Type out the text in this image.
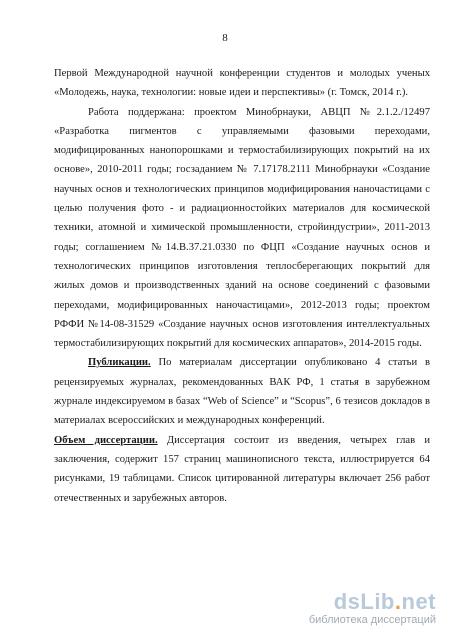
8

Первой Международной научной конференции студентов и молодых ученых «Молодежь, наука, технологии: новые идеи и перспективы» (г. Томск, 2014 г.).

Работа поддержана: проектом Минобрнауки, АВЦП №2.1.2./12497 «Разработка пигментов с управляемыми фазовыми переходами, модифицированных нанопорошками и термостабилизирующих покрытий на их основе», 2010-2011 годы; госзаданием № 7.17178.2111 Минобрнауки «Создание научных основ и технологических принципов модифицирования наночастицами с целью получения фото - и радиационностойких материалов для космической техники, атомной и химической промышленности, стройиндустрии», 2011-2013 годы; соглашением №14.B.37.21.0330 по ФЦП «Создание научных основ и технологических принципов изготовления теплосберегающих покрытий для жилых домов и производственных зданий на основе соединений с фазовыми переходами, модифицированных наночастицами», 2012-2013 годы; проектом РФФИ №14-08-31529 «Создание научных основ изготовления интеллектуальных термостабилизирующих покрытий для космических аппаратов», 2014-2015 годы.

Публикации. По материалам диссертации опубликовано 4 статьи в рецензируемых журналах, рекомендованных ВАК РФ, 1 статья в зарубежном журнале индексируемом в базах “Web of Science” и “Scopus”, 6 тезисов докладов в материалах всероссийских и международных конференций.

Объем диссертации. Диссертация состоит из введения, четырех глав и заключения, содержит 157 страниц машинописного текста, иллюстрируется 64 рисунками, 19 таблицами. Список цитированной литературы включает 256 работ отечественных и зарубежных авторов.

dsLib.net
библиотека диссертаций
